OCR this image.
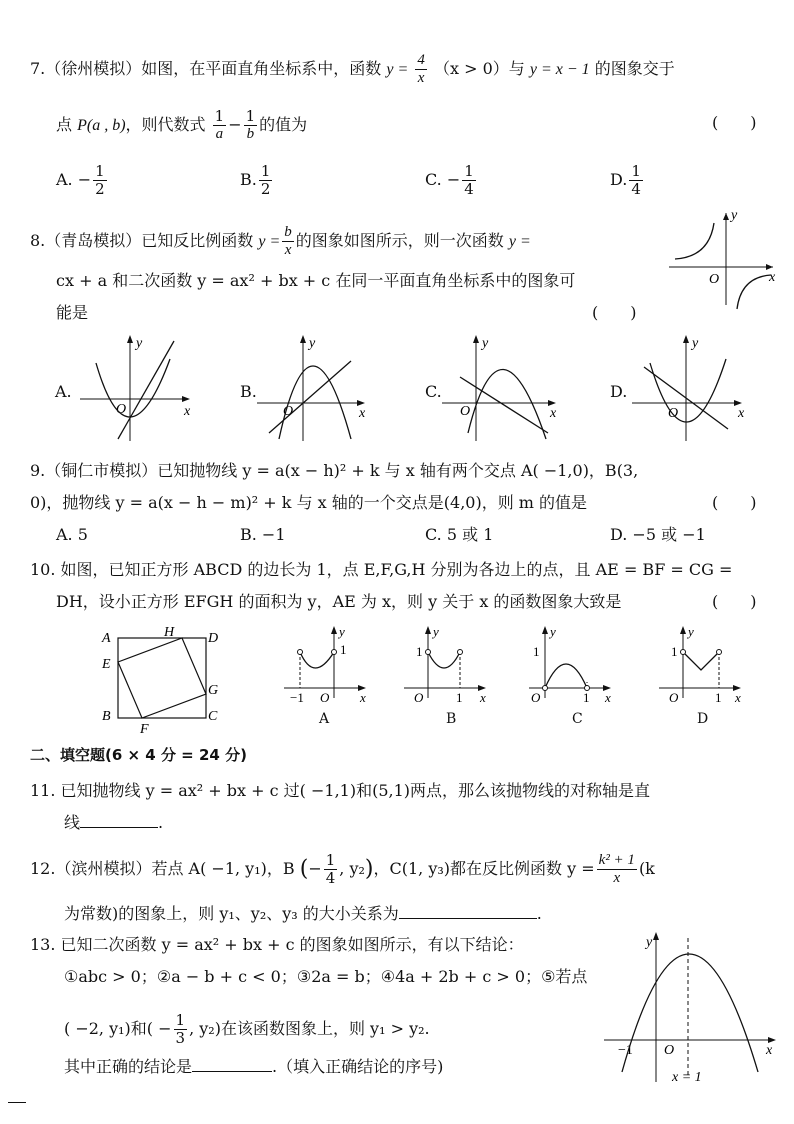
7.（徐州模拟）如图，在平面直角坐标系中，函数 $y = \frac{4}{x} (x > 0)$与 y = x − 1 的图象交于
点 P(a , b)，则代数式 $\frac{1}{a} - \frac{1}{b}$ 的值为	(　　)
A. − $\frac{1}{2}$	B. $\frac{1}{2}$	C. − $\frac{1}{4}$	D. $\frac{1}{4}$
8.（青岛模拟）已知反比例函数 $y = \frac{b}{x}$ 的图象如图所示，则一次函数 y =
cx + a 和二次函数 y = ax² + bx + c 在同一平面直角坐标系中的图象可
能是	(　　)
y
x
O
A.
y
x
O
B.
y
x
O
C.
y
x
O
D.
y
x
O
9.（铜仁市模拟）已知抛物线 y = a(x − h)² + k 与 x 轴有两个交点 A( −1,0)，B(3,
0)，抛物线 y = a(x − h − m)² + k 与 x 轴的一个交点是(4,0)，则 m 的值是	(　　)
A. 5	B. −1	C. 5 或 1	D. −5 或 −1
10. 如图，已知正方形 ABCD 的边长为 1，点 E,F,G,H 分别为各边上的点，且 AE = BF = CG =
DH，设小正方形 EFGH 的面积为 y，AE 为 x，则 y 关于 x 的函数图象大致是	(　　)
A	H D
E
G
B
F
C
y
x
O
−1
1
A
y
x
O
1
1
B
y
x
O
1
1
C
y
x
O
1
1
D
二、填空题(6 × 4 分 = 24 分)
11. 已知抛物线 y = ax² + bx + c 过( −1,1)和(5,1)两点，那么该抛物线的对称轴是直
线	.
12.（滨州模拟）若点 A( −1, y₁)，B (− $\frac{1}{4}$ , y₂)，C(1, y₃)都在反比例函数 $y = \frac{\text{k² + 1}}{x} (k$
为常数)的图象上，则 y₁、y₂、y₃ 的大小关系为	.
13. 已知二次函数 y = ax² + bx + c 的图象如图所示，有以下结论：
①abc > 0；②a − b + c < 0；③2a = b；④4a + 2b + c > 0；⑤若点
( −2, y₁)和( − $\frac{1}{3}$ , y₂)在该函数图象上，则 y₁ > y₂.
其中正确的结论是	.（填入正确结论的序号)
y
x
O
−1
x = 1
